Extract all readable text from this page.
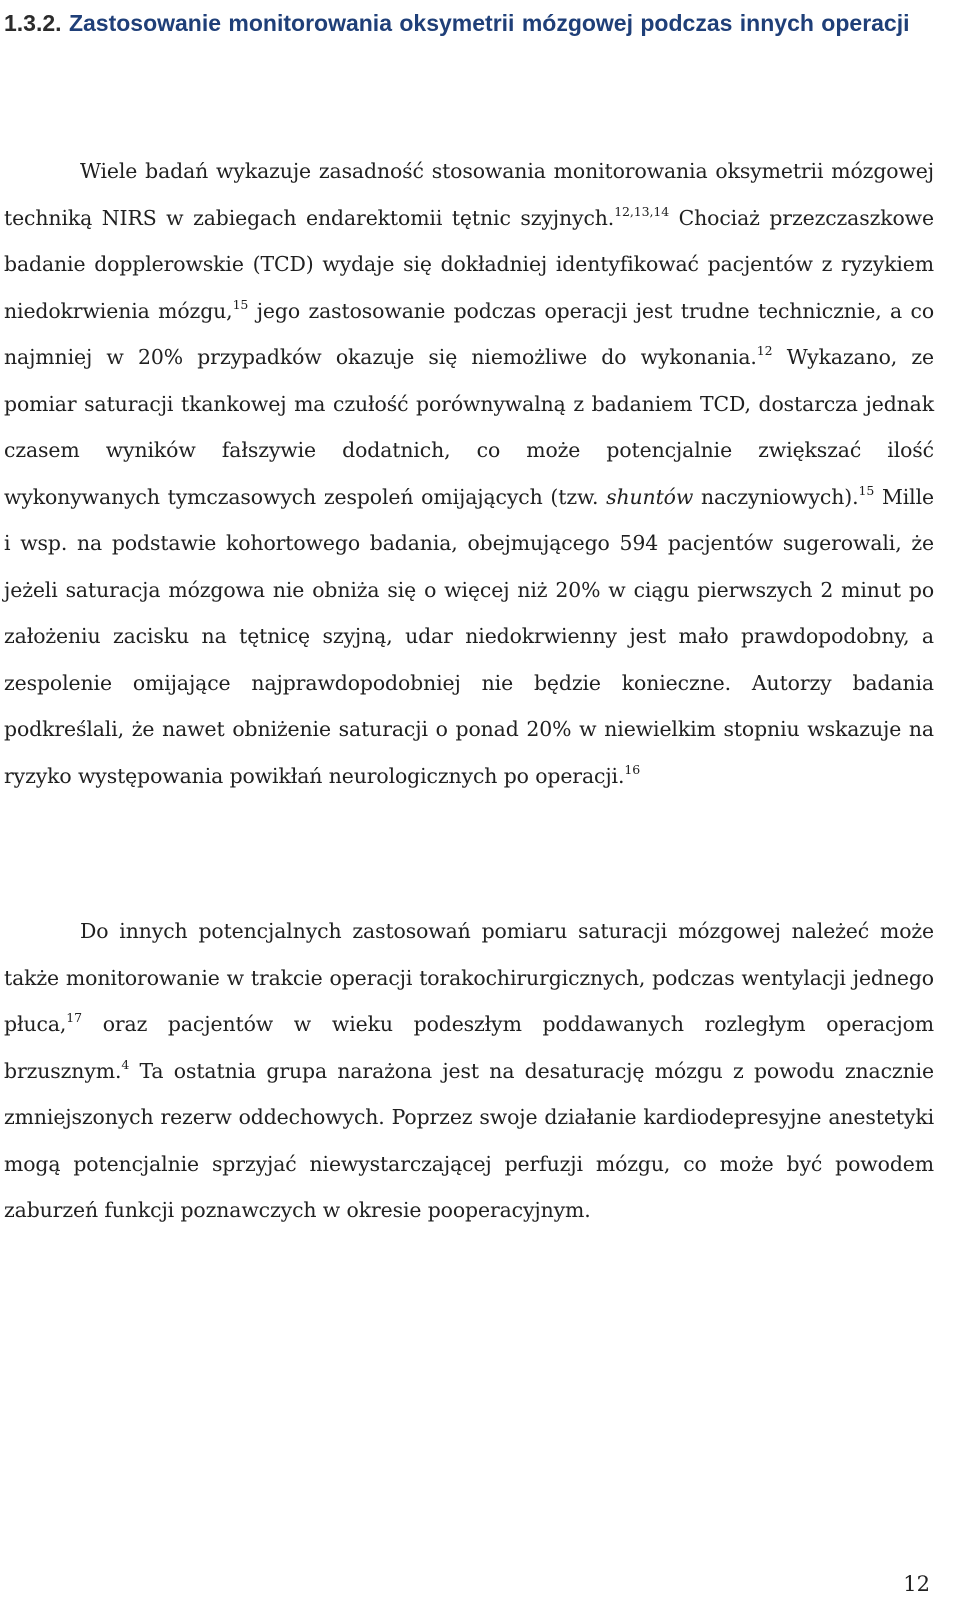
1.3.2. Zastosowanie monitorowania oksymetrii mózgowej podczas innych operacji
Wiele badań wykazuje zasadność stosowania monitorowania oksymetrii mózgowej techniką NIRS w zabiegach endarektomii tętnic szyjnych.$^{12,13,14}$ Chociaż przezczaszkowe badanie dopplerowskie (TCD) wydaje się dokładniej identyfikować pacjentów z ryzykiem niedokrwienia mózgu,$^{15}$ jego zastosowanie podczas operacji jest trudne technicznie, a co najmniej w 20% przypadków okazuje się niemożliwe do wykonania.$^{12}$ Wykazano, ze pomiar saturacji tkankowej ma czułość porównywalną z badaniem TCD, dostarcza jednak czasem wyników fałszywie dodatnich, co może potencjalnie zwiększać ilość wykonywanych tymczasowych zespoleń omijających (tzw. shuntów naczyniowych).$^{15}$ Mille i wsp. na podstawie kohortowego badania, obejmującego 594 pacjentów sugerowali, że jeżeli saturacja mózgowa nie obniża się o więcej niż 20% w ciągu pierwszych 2 minut po założeniu zacisku na tętnicę szyjną, udar niedokrwienny jest mało prawdopodobny, a zespolenie omijające najprawdopodobniej nie będzie konieczne. Autorzy badania podkreślali, że nawet obniżenie saturacji o ponad 20% w niewielkim stopniu wskazuje na ryzyko występowania powikłań neurologicznych po operacji.$^{16}$
Do innych potencjalnych zastosowań pomiaru saturacji mózgowej należeć może także monitorowanie w trakcie operacji torakochirurgicznych, podczas wentylacji jednego płuca,$^{17}$ oraz pacjentów w wieku podeszłym poddawanych rozległym operacjom brzusznym.$^4$ Ta ostatnia grupa narażona jest na desaturację mózgu z powodu znacznie zmniejszonych rezerw oddechowych. Poprzez swoje działanie kardiodepresyjne anestetyki mogą potencjalnie sprzyjać niewystarczającej perfuzji mózgu, co może być powodem zaburzeń funkcji poznawczych w okresie pooperacyjnym.
12
